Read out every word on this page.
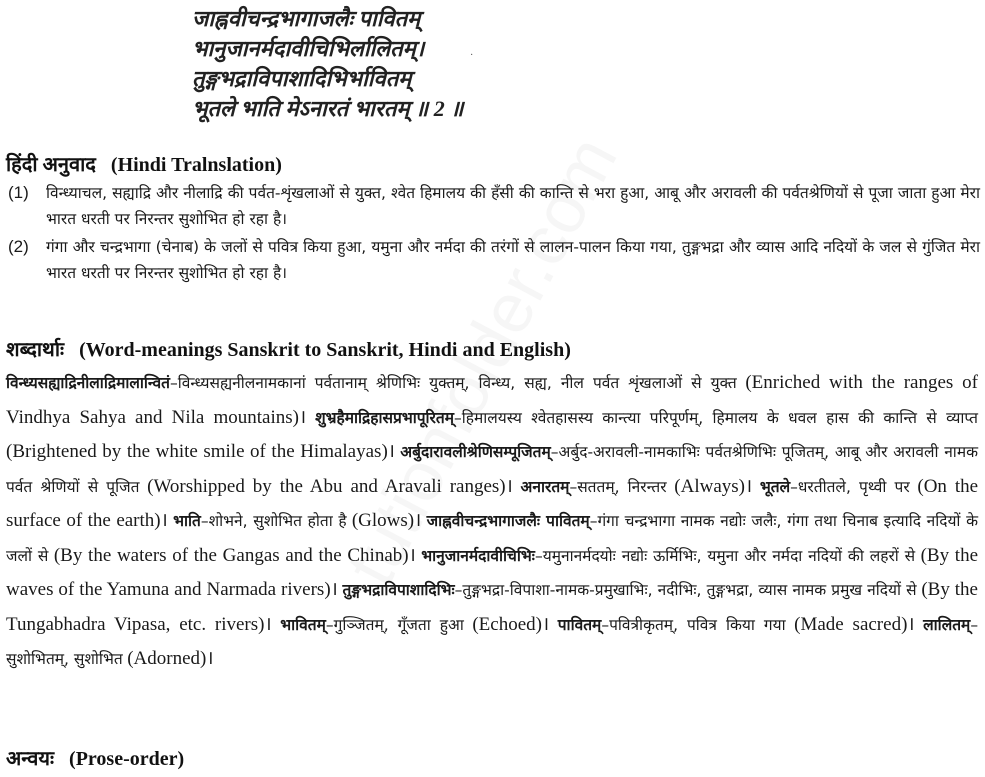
जाह्नवीचन्द्रभागाजलैः पावितम्
भानुजानर्मदावीचिभिर्लालितम्।
तुङ्गभद्राविपाशादिभिर्भावितम्
भूतले भाति मेऽनारतं भारतम् ॥ 2 ॥
·
हिंदी अनुवाद (Hindi Tralnslation)
(1)	विन्ध्याचल, सह्याद्रि और नीलाद्रि की पर्वत-शृंखलाओं से युक्त, श्वेत हिमालय की हँसी की कान्ति से भरा हुआ, आबू और अरावली की पर्वतश्रेणियों से पूजा जाता हुआ मेरा भारत धरती पर निरन्तर सुशोभित हो रहा है।
(2)	गंगा और चन्द्रभागा (चेनाब) के जलों से पवित्र किया हुआ, यमुना और नर्मदा की तरंगों से लालन-पालन किया गया, तुङ्गभद्रा और व्यास आदि नदियों के जल से गुंजित मेरा भारत धरती पर निरन्तर सुशोभित हो रहा है।
शब्दार्थाः (Word-meanings Sanskrit to Sanskrit, Hindi and English)
विन्ध्यसह्याद्रिनीलाद्रिमालान्वितं–विन्ध्यसह्यनीलनामकानां पर्वतानाम् श्रेणिभिः युक्तम्, विन्ध्य, सह्य, नील पर्वत शृंखलाओं से युक्त (Enriched with the ranges of Vindhya Sahya and Nila mountains)। शुभ्रहैमाद्रिहासप्रभापूरितम्–हिमालयस्य श्वेतहासस्य कान्त्या परिपूर्णम्, हिमालय के धवल हास की कान्ति से व्याप्त (Brightened by the white smile of the Himalayas)। अर्बुदारावलीश्रेणिसम्पूजितम्–अर्बुद-अरावली-नामकाभिः पर्वतश्रेणिभिः पूजितम्, आबू और अरावली नामक पर्वत श्रेणियों से पूजित (Worshipped by the Abu and Aravali ranges)। अनारतम्–सततम्, निरन्तर (Always)। भूतले–धरतीतले, पृथ्वी पर (On the surface of the earth)। भाति–शोभने, सुशोभित होता है (Glows)। जाह्नवीचन्द्रभागाजलैः पावितम्–गंगा चन्द्रभागा नामक नद्योः जलैः, गंगा तथा चिनाब इत्यादि नदियों के जलों से (By the waters of the Gangas and the Chinab)। भानुजानर्मदावीचिभिः–यमुनानर्मदयोः नद्योः ऊर्मिभिः, यमुना और नर्मदा नदियों की लहरों से (By the waves of the Yamuna and Narmada rivers)। तुङ्गभद्राविपाशादिभिः–तुङ्गभद्रा-विपाशा-नामक-प्रमुखाभिः, नदीभिः, तुङ्गभद्रा, व्यास नामक प्रमुख नदियों से (By the Tungabhadra Vipasa, etc. rivers)। भावितम्–गुञ्जितम्, गूँजता हुआ (Echoed)। पावितम्–पवित्रीकृतम्, पवित्र किया गया (Made sacred)। लालितम्–सुशोभितम्, सुशोभित (Adorned)।
अन्वयः (Prose-order)
